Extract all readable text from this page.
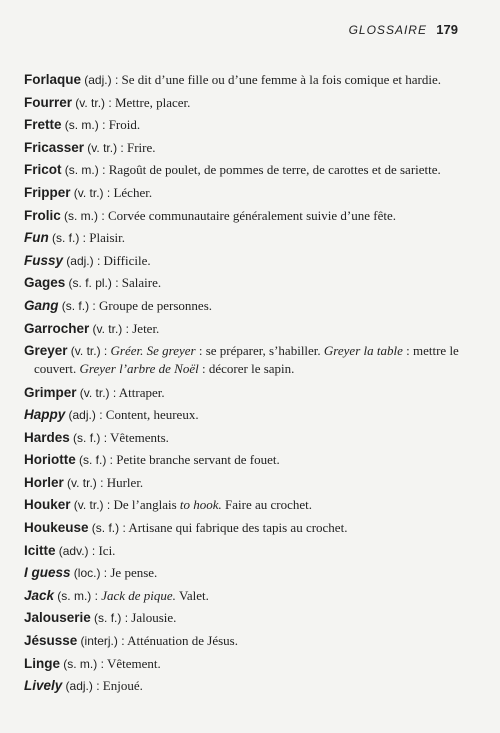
GLOSSAIRE 179
Forlaque (adj.) : Se dit d’une fille ou d’une femme à la fois comique et hardie.
Fourrer (v. tr.) : Mettre, placer.
Frette (s. m.) : Froid.
Fricasser (v. tr.) : Frire.
Fricot (s. m.) : Ragoût de poulet, de pommes de terre, de carottes et de sariette.
Fripper (v. tr.) : Lécher.
Frolic (s. m.) : Corvée communautaire généralement suivie d’une fête.
Fun (s. f.) : Plaisir.
Fussy (adj.) : Difficile.
Gages (s. f. pl.) : Salaire.
Gang (s. f.) : Groupe de personnes.
Garrocher (v. tr.) : Jeter.
Greyer (v. tr.) : Gréer. Se greyer : se préparer, s’habiller. Greyer la table : mettre le couvert. Greyer l’arbre de Noël : décorer le sapin.
Grimper (v. tr.) : Attraper.
Happy (adj.) : Content, heureux.
Hardes (s. f.) : Vêtements.
Horiotte (s. f.) : Petite branche servant de fouet.
Horler (v. tr.) : Hurler.
Houker (v. tr.) : De l’anglais to hook. Faire au crochet.
Houkeuse (s. f.) : Artisane qui fabrique des tapis au crochet.
Icitte (adv.) : Ici.
I guess (loc.) : Je pense.
Jack (s. m.) : Jack de pique. Valet.
Jalouserie (s. f.) : Jalousie.
Jésusse (interj.) : Atténuation de Jésus.
Linge (s. m.) : Vêtement.
Lively (adj.) : Enjoué.
